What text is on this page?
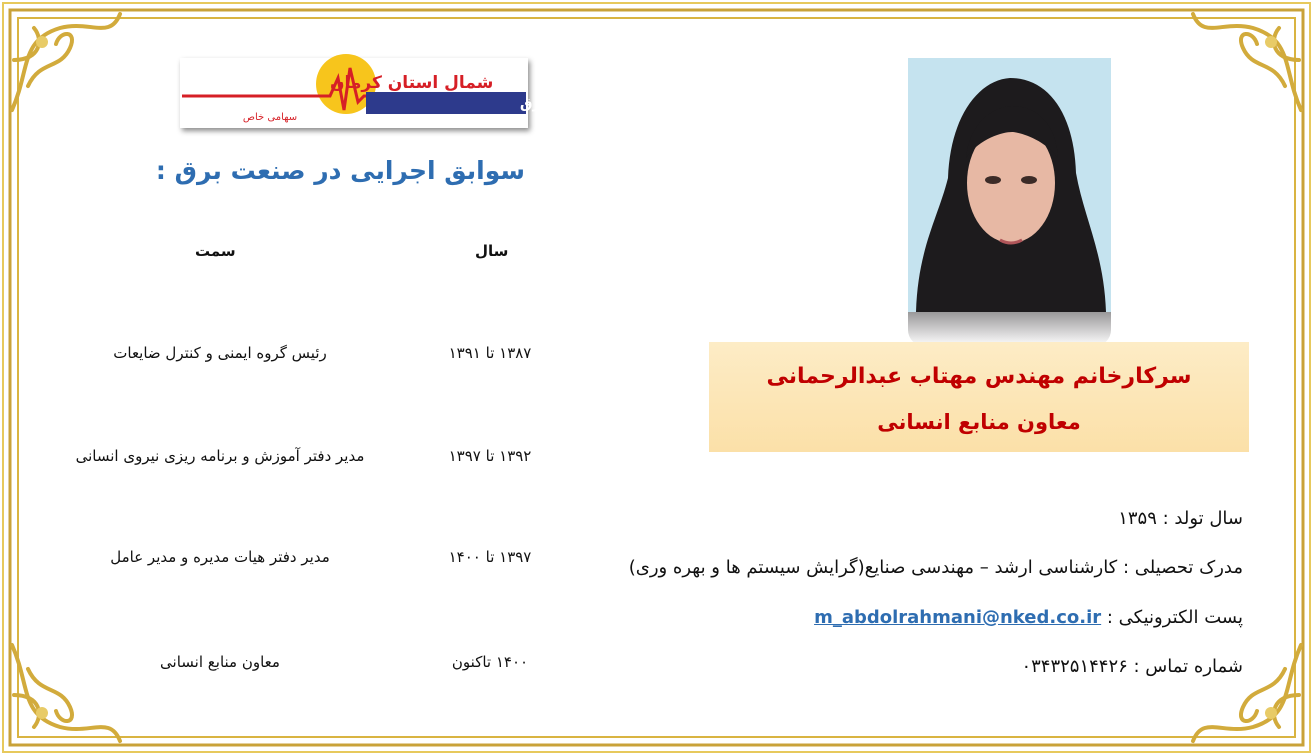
شرکت توزیع نیروی برق
شمال استان کرمان
سهامی خاص
سوابق اجرایی در صنعت برق :
سمت	سال
رئیس گروه ایمنی و کنترل ضایعات	۱۳۸۷ تا ۱۳۹۱
مدیر دفتر آموزش و برنامه ریزی نیروی انسانی	۱۳۹۲ تا ۱۳۹۷
مدیر دفتر هیات مدیره و مدیر عامل	۱۳۹۷ تا ۱۴۰۰
معاون منابع انسانی	۱۴۰۰ تاکنون
سرکارخانم مهندس مهتاب عبدالرحمانی
معاون منابع انسانی
سال تولد : ۱۳۵۹
مدرک تحصیلی : کارشناسی ارشد – مهندسی صنایع(گرایش سیستم ها و بهره وری)
پست الکترونیکی : m_abdolrahmani@nked.co.ir
شماره تماس : ۰۳۴۳۲۵۱۴۴۲۶
